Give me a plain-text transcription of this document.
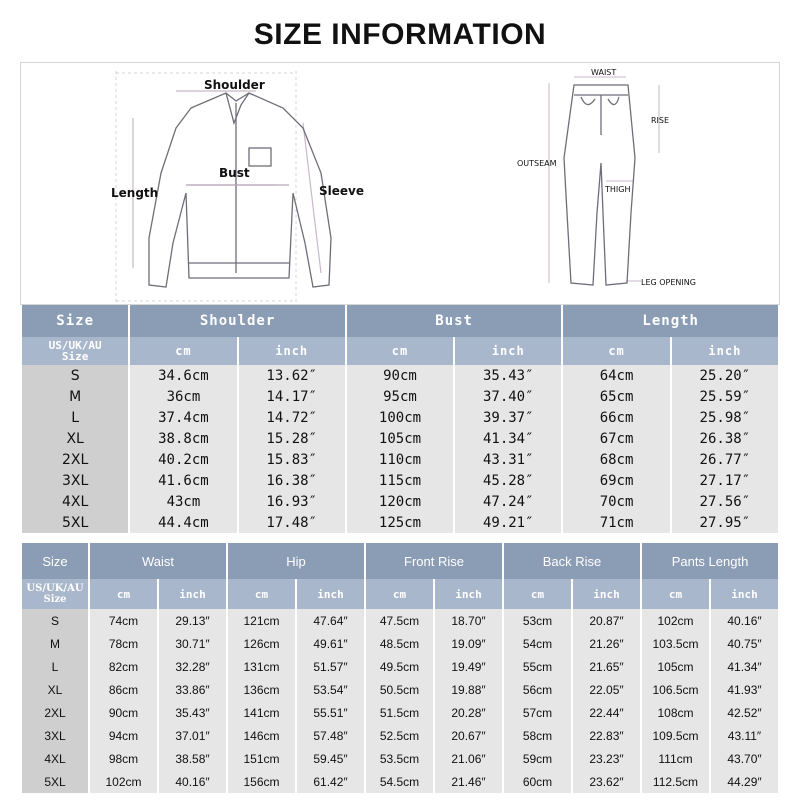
SIZE INFORMATION
Shoulder
Bust
Length	Sleeve
WAIST
RISE
OUTSEAM
THIGH
LEG OPENING
Size	Shoulder		Bust		Length	
US/UK/AU
Size	cm	inch	cm	inch	cm	inch
S	34.6cm	13.62″	90cm	35.43″	64cm	25.20″
M	36cm	14.17″	95cm	37.40″	65cm	25.59″
L	37.4cm	14.72″	100cm	39.37″	66cm	25.98″
XL	38.8cm	15.28″	105cm	41.34″	67cm	26.38″
2XL	40.2cm	15.83″	110cm	43.31″	68cm	26.77″
3XL	41.6cm	16.38″	115cm	45.28″	69cm	27.17″
4XL	43cm	16.93″	120cm	47.24″	70cm	27.56″
5XL	44.4cm	17.48″	125cm	49.21″	71cm	27.95″
Size	Waist		Hip		Front Rise		Back Rise		Pants Length	
US/UK/AU
Size	cm	inch	cm	inch	cm	inch	cm	inch	cm	inch
S	74cm	29.13″	121cm	47.64″	47.5cm	18.70″	53cm	20.87″	102cm	40.16″
M	78cm	30.71″	126cm	49.61″	48.5cm	19.09″	54cm	21.26″	103.5cm	40.75″
L	82cm	32.28″	131cm	51.57″	49.5cm	19.49″	55cm	21.65″	105cm	41.34″
XL	86cm	33.86″	136cm	53.54″	50.5cm	19.88″	56cm	22.05″	106.5cm	41.93″
2XL	90cm	35.43″	141cm	55.51″	51.5cm	20.28″	57cm	22.44″	108cm	42.52″
3XL	94cm	37.01″	146cm	57.48″	52.5cm	20.67″	58cm	22.83″	109.5cm	43.11″
4XL	98cm	38.58″	151cm	59.45″	53.5cm	21.06″	59cm	23.23″	111cm	43.70″
5XL	102cm	40.16″	156cm	61.42″	54.5cm	21.46″	60cm	23.62″	112.5cm	44.29″
